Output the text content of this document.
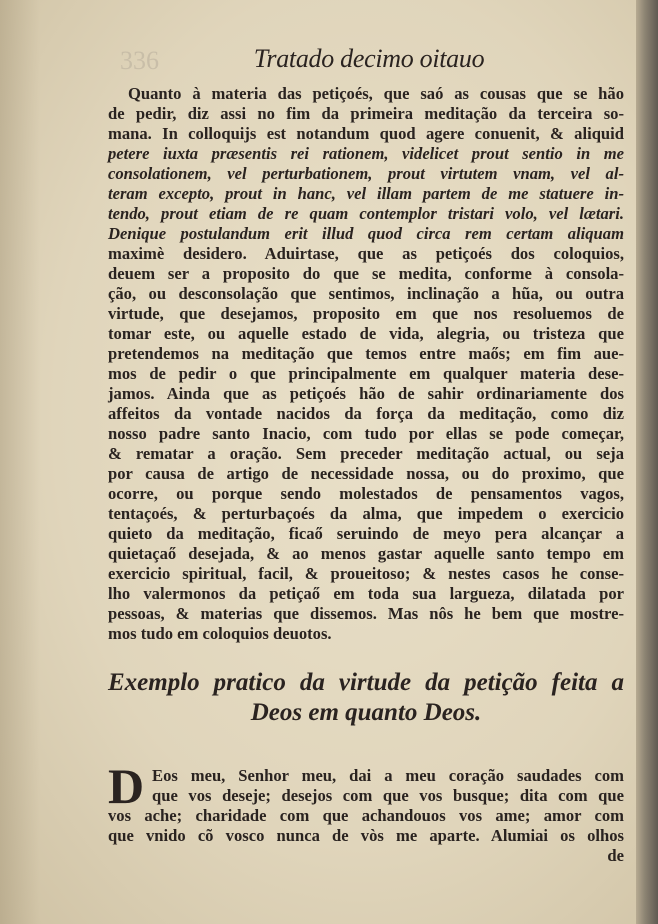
336	Tratado decimo oitauo
Quanto à materia das petiçoés, que saó as cousas que se hão
de pedir, diz assi no fim da primeira meditação da terceira so-
mana. In colloquijs est notandum quod agere conuenit, & aliquid
petere iuxta præsentis rei rationem, videlicet prout sentio in me
consolationem, vel perturbationem, prout virtutem vnam, vel al-
teram excepto, prout in hanc, vel illam partem de me statuere in-
tendo, prout etiam de re quam contemplor tristari volo, vel lætari.
Denique postulandum erit illud quod circa rem certam aliquam
maximè desidero. Aduirtase, que as petiçoés dos coloquios,
deuem ser a proposito do que se medita, conforme à consola-
ção, ou desconsolação que sentimos, inclinação a hũa, ou outra
virtude, que desejamos, proposito em que nos resoluemos de
tomar este, ou aquelle estado de vida, alegria, ou tristeza que
pretendemos na meditação que temos entre maős; em fim aue-
mos de pedir o que principalmente em qualquer materia dese-
jamos. Ainda que as petiçoés hão de sahir ordinariamente dos
affeitos da vontade nacidos da força da meditação, como diz
nosso padre santo Inacio, com tudo por ellas se pode começar,
& rematar a oração. Sem preceder meditação actual, ou seja
por causa de artigo de necessidade nossa, ou do proximo, que
ocorre, ou porque sendo molestados de pensamentos vagos,
tentaçoés, & perturbaçoés da alma, que impedem o exercicio
quieto da meditação, ficaő seruindo de meyo pera alcançar a
quietaçaő desejada, & ao menos gastar aquelle santo tempo em
exercicio spiritual, facil, & proueitoso; & nestes casos he conse-
lho valermonos da petiçaő em toda sua largueza, dilatada por
pessoas, & materias que dissemos. Mas nôs he bem que mostre-
mos tudo em coloquios deuotos.
Exemplo pratico da virtude da petição feita a
Deos em quanto Deos.
D Eos meu, Senhor meu, dai a meu coração saudades com
que vos deseje; desejos com que vos busque; dita com que
vos ache; charidade com que achandouos vos ame; amor com
que vnido cõ vosco nunca de vòs me aparte. Alumiai os olhos
de
